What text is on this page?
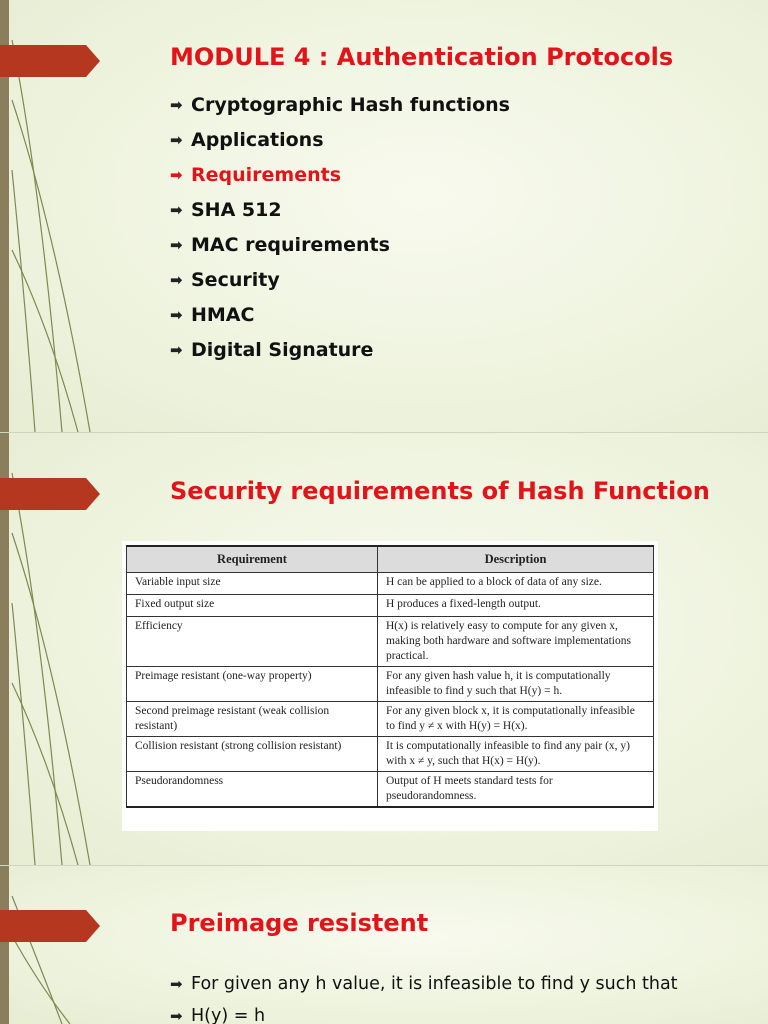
MODULE 4 : Authentication Protocols
➡ Cryptographic Hash functions
➡ Applications
➡ Requirements
➡ SHA 512
➡ MAC requirements
➡ Security
➡ HMAC
➡ Digital Signature
Security requirements of Hash Function
Requirement	Description
Variable input size	H can be applied to a block of data of any size.
Fixed output size	H produces a fixed-length output.
Efficiency	H(x) is relatively easy to compute for any given x, making both hardware and software implementations practical.
Preimage resistant (one-way property)	For any given hash value h, it is computationally infeasible to find y such that H(y) = h.
Second preimage resistant (weak collision resistant)	For any given block x, it is computationally infeasible to find y ≠ x with H(y) = H(x).
Collision resistant (strong collision resistant)	It is computationally infeasible to find any pair (x, y) with x ≠ y, such that H(x) = H(y).
Pseudorandomness	Output of H meets standard tests for pseudorandomness.
Preimage resistent
➡ For given any h value, it is infeasible to find y such that
➡ H(y) = h
